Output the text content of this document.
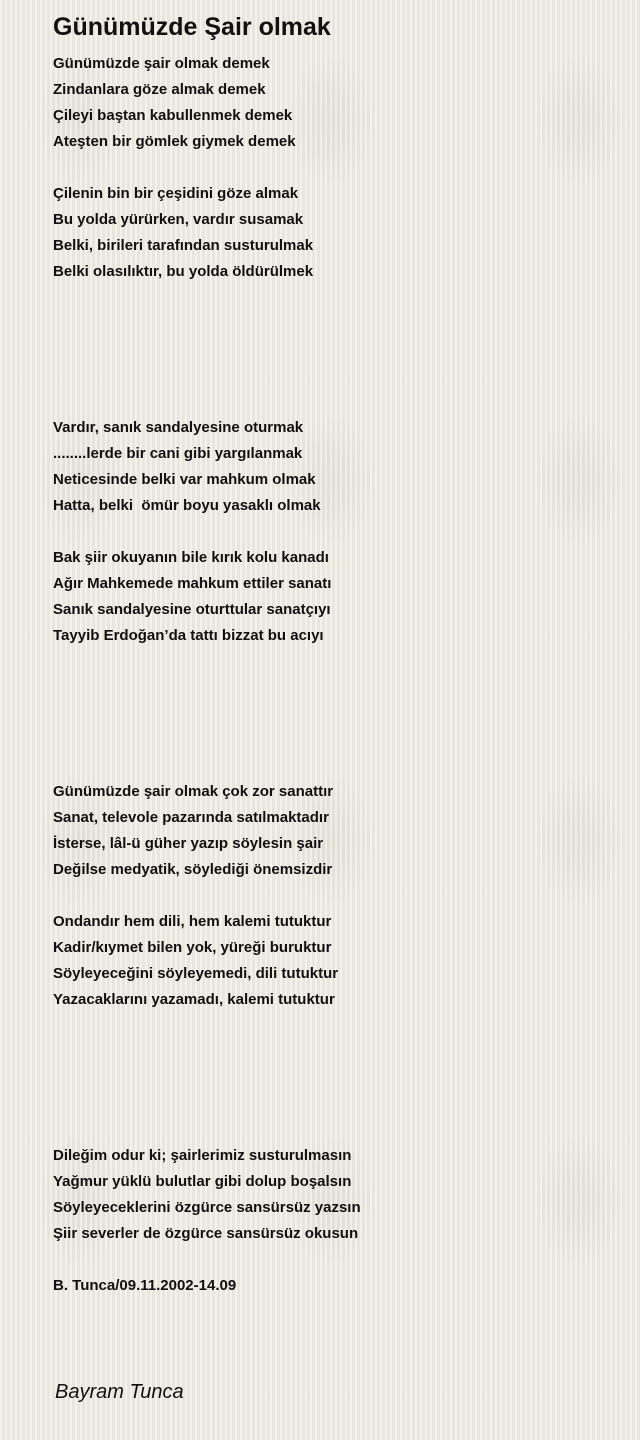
Günümüzde Şair olmak
Günümüzde şair olmak demek
Zindanlara göze almak demek
Çileyi baştan kabullenmek demek
Ateşten bir gömlek giymek demek
Çilenin bin bir çeşidini göze almak
Bu yolda yürürken, vardır susamak
Belki, birileri tarafından susturulmak
Belki olasılıktır, bu yolda öldürülmek
Vardır, sanık sandalyesine oturmak
........lerde bir cani gibi yargılanmak
Neticesinde belki var mahkum olmak
Hatta, belki  ömür boyu yasaklı olmak
Bak şiir okuyanın bile kırık kolu kanadı
Ağır Mahkemede mahkum ettiler sanatı
Sanık sandalyesine oturttular sanatçıyı
Tayyib Erdoğan’da tattı bizzat bu acıyı
Günümüzde şair olmak çok zor sanattır
Sanat, televole pazarında satılmaktadır
İsterse, lâl-ü güher yazıp söylesin şair
Değilse medyatik, söylediği önemsizdir
Ondandır hem dili, hem kalemi tutuktur
Kadir/kıymet bilen yok, yüreği buruktur
Söyleyeceğini söyleyemedi, dili tutuktur
Yazacaklarını yazamadı, kalemi tutuktur
Dileğim odur ki; şairlerimiz susturulmasın
Yağmur yüklü bulutlar gibi dolup boşalsın
Söyleyeceklerini özgürce sansürsüz yazsın
Şiir severler de özgürce sansürsüz okusun
B. Tunca/09.11.2002-14.09
Bayram Tunca
